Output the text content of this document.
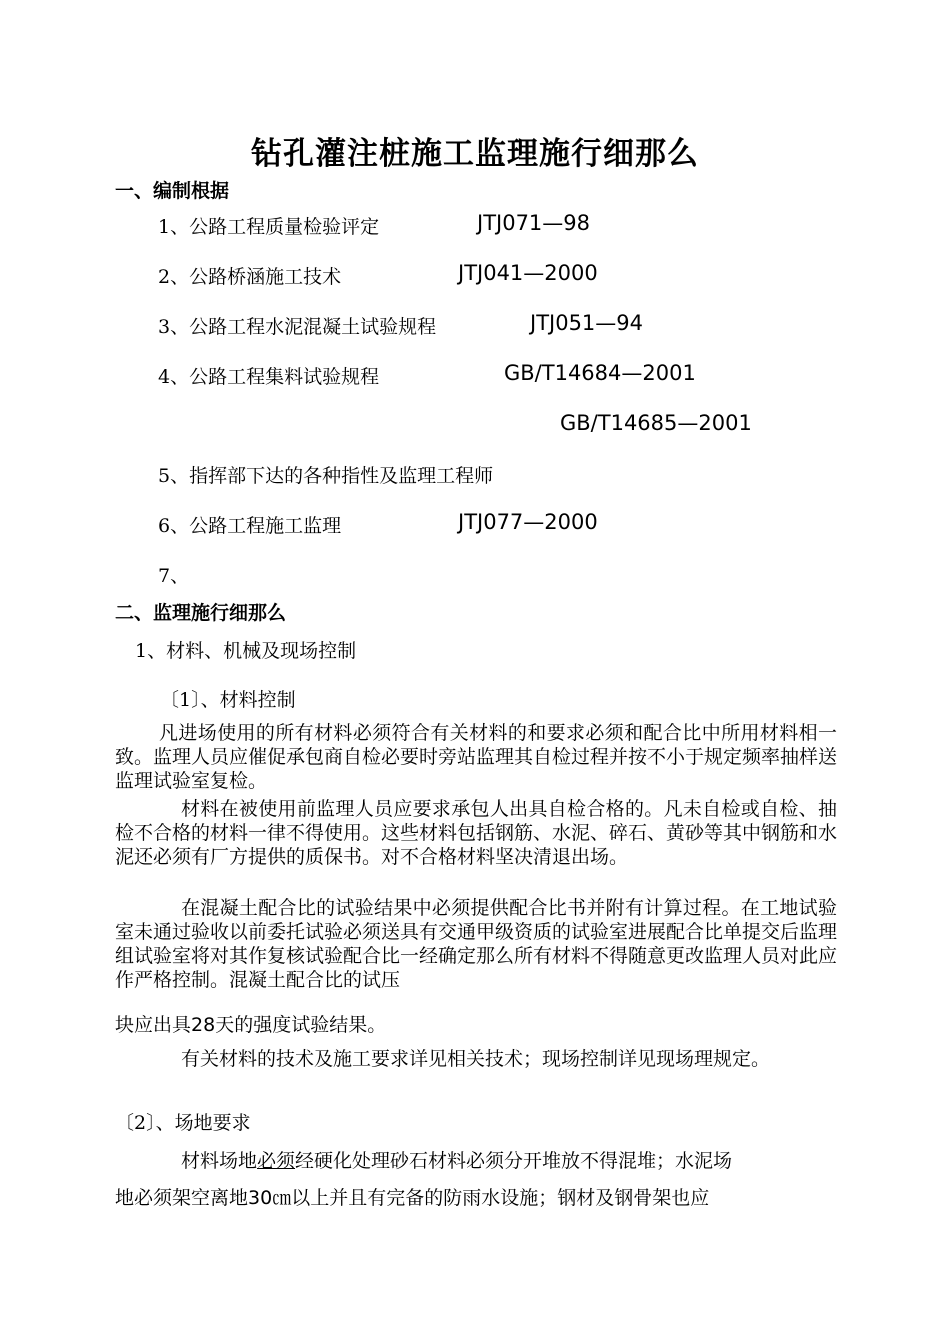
钻孔灌注桩施工监理施行细那么
一、编制根据
1、公路工程质量检验评定	JTJ071—98
2、公路桥涵施工技术	JTJ041—2000
3、公路工程水泥混凝土试验规程	JTJ051—94
4、公路工程集料试验规程	GB/T14684—2001
GB/T14685—2001
5、指挥部下达的各种指性及监理工程师
6、公路工程施工监理	JTJ077—2000
7、
二、监理施行细那么
1、材料、机械及现场控制
〔1〕、材料控制
凡进场使用的所有材料必须符合有关材料的和要求必须和配合比中所用材料相一致。监理人员应催促承包商自检必要时旁站监理其自检过程并按不小于规定频率抽样送监理试验室复检。
材料在被使用前监理人员应要求承包人出具自检合格的。凡未自检或自检、抽检不合格的材料一律不得使用。这些材料包括钢筋、水泥、碎石、黄砂等其中钢筋和水泥还必须有厂方提供的质保书。对不合格材料坚决清退出场。
在混凝土配合比的试验结果中必须提供配合比书并附有计算过程。在工地试验室未通过验收以前委托试验必须送具有交通甲级资质的试验室进展配合比单提交后监理组试验室将对其作复核试验配合比一经确定那么所有材料不得随意更改监理人员对此应作严格控制。混凝土配合比的试压
块应出具28天的强度试验结果。
有关材料的技术及施工要求详见相关技术；现场控制详见现场理规定。
〔2〕、场地要求
材料场地必须经硬化处理砂石材料必须分开堆放不得混堆；水泥场
地必须架空离地30㎝以上并且有完备的防雨水设施；钢材及钢骨架也应
